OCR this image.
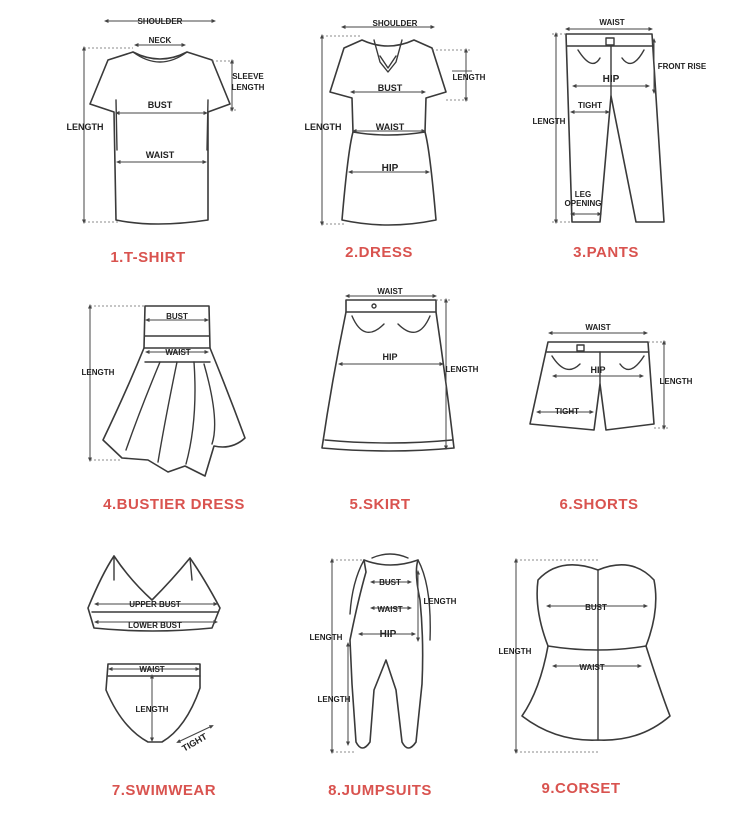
SHOULDER
NECK
SLEEVE
LENGTH
BUST
LENGTH
WAIST
1.T-SHIRT
SHOULDER
LENGTH
BUST
LENGTH	WAIST
HIP
2.DRESS
WAIST
FRONT RISE
HIP
TIGHT
LENGTH
LEG
OPENING
3.PANTS
BUST
WAIST
LENGTH
4.BUSTIER DRESS
WAIST
HIP
LENGTH
5.SKIRT
WAIST
HIP
LENGTH
TIGHT
6.SHORTS
UPPER BUST
LOWER BUST
WAIST
LENGTH
TIGHT
7.SWIMWEAR
BUST
WAIST
HIP
LENGTH
LENGTH
LENGTH
8.JUMPSUITS
BUST
WAIST
LENGTH
9.CORSET
